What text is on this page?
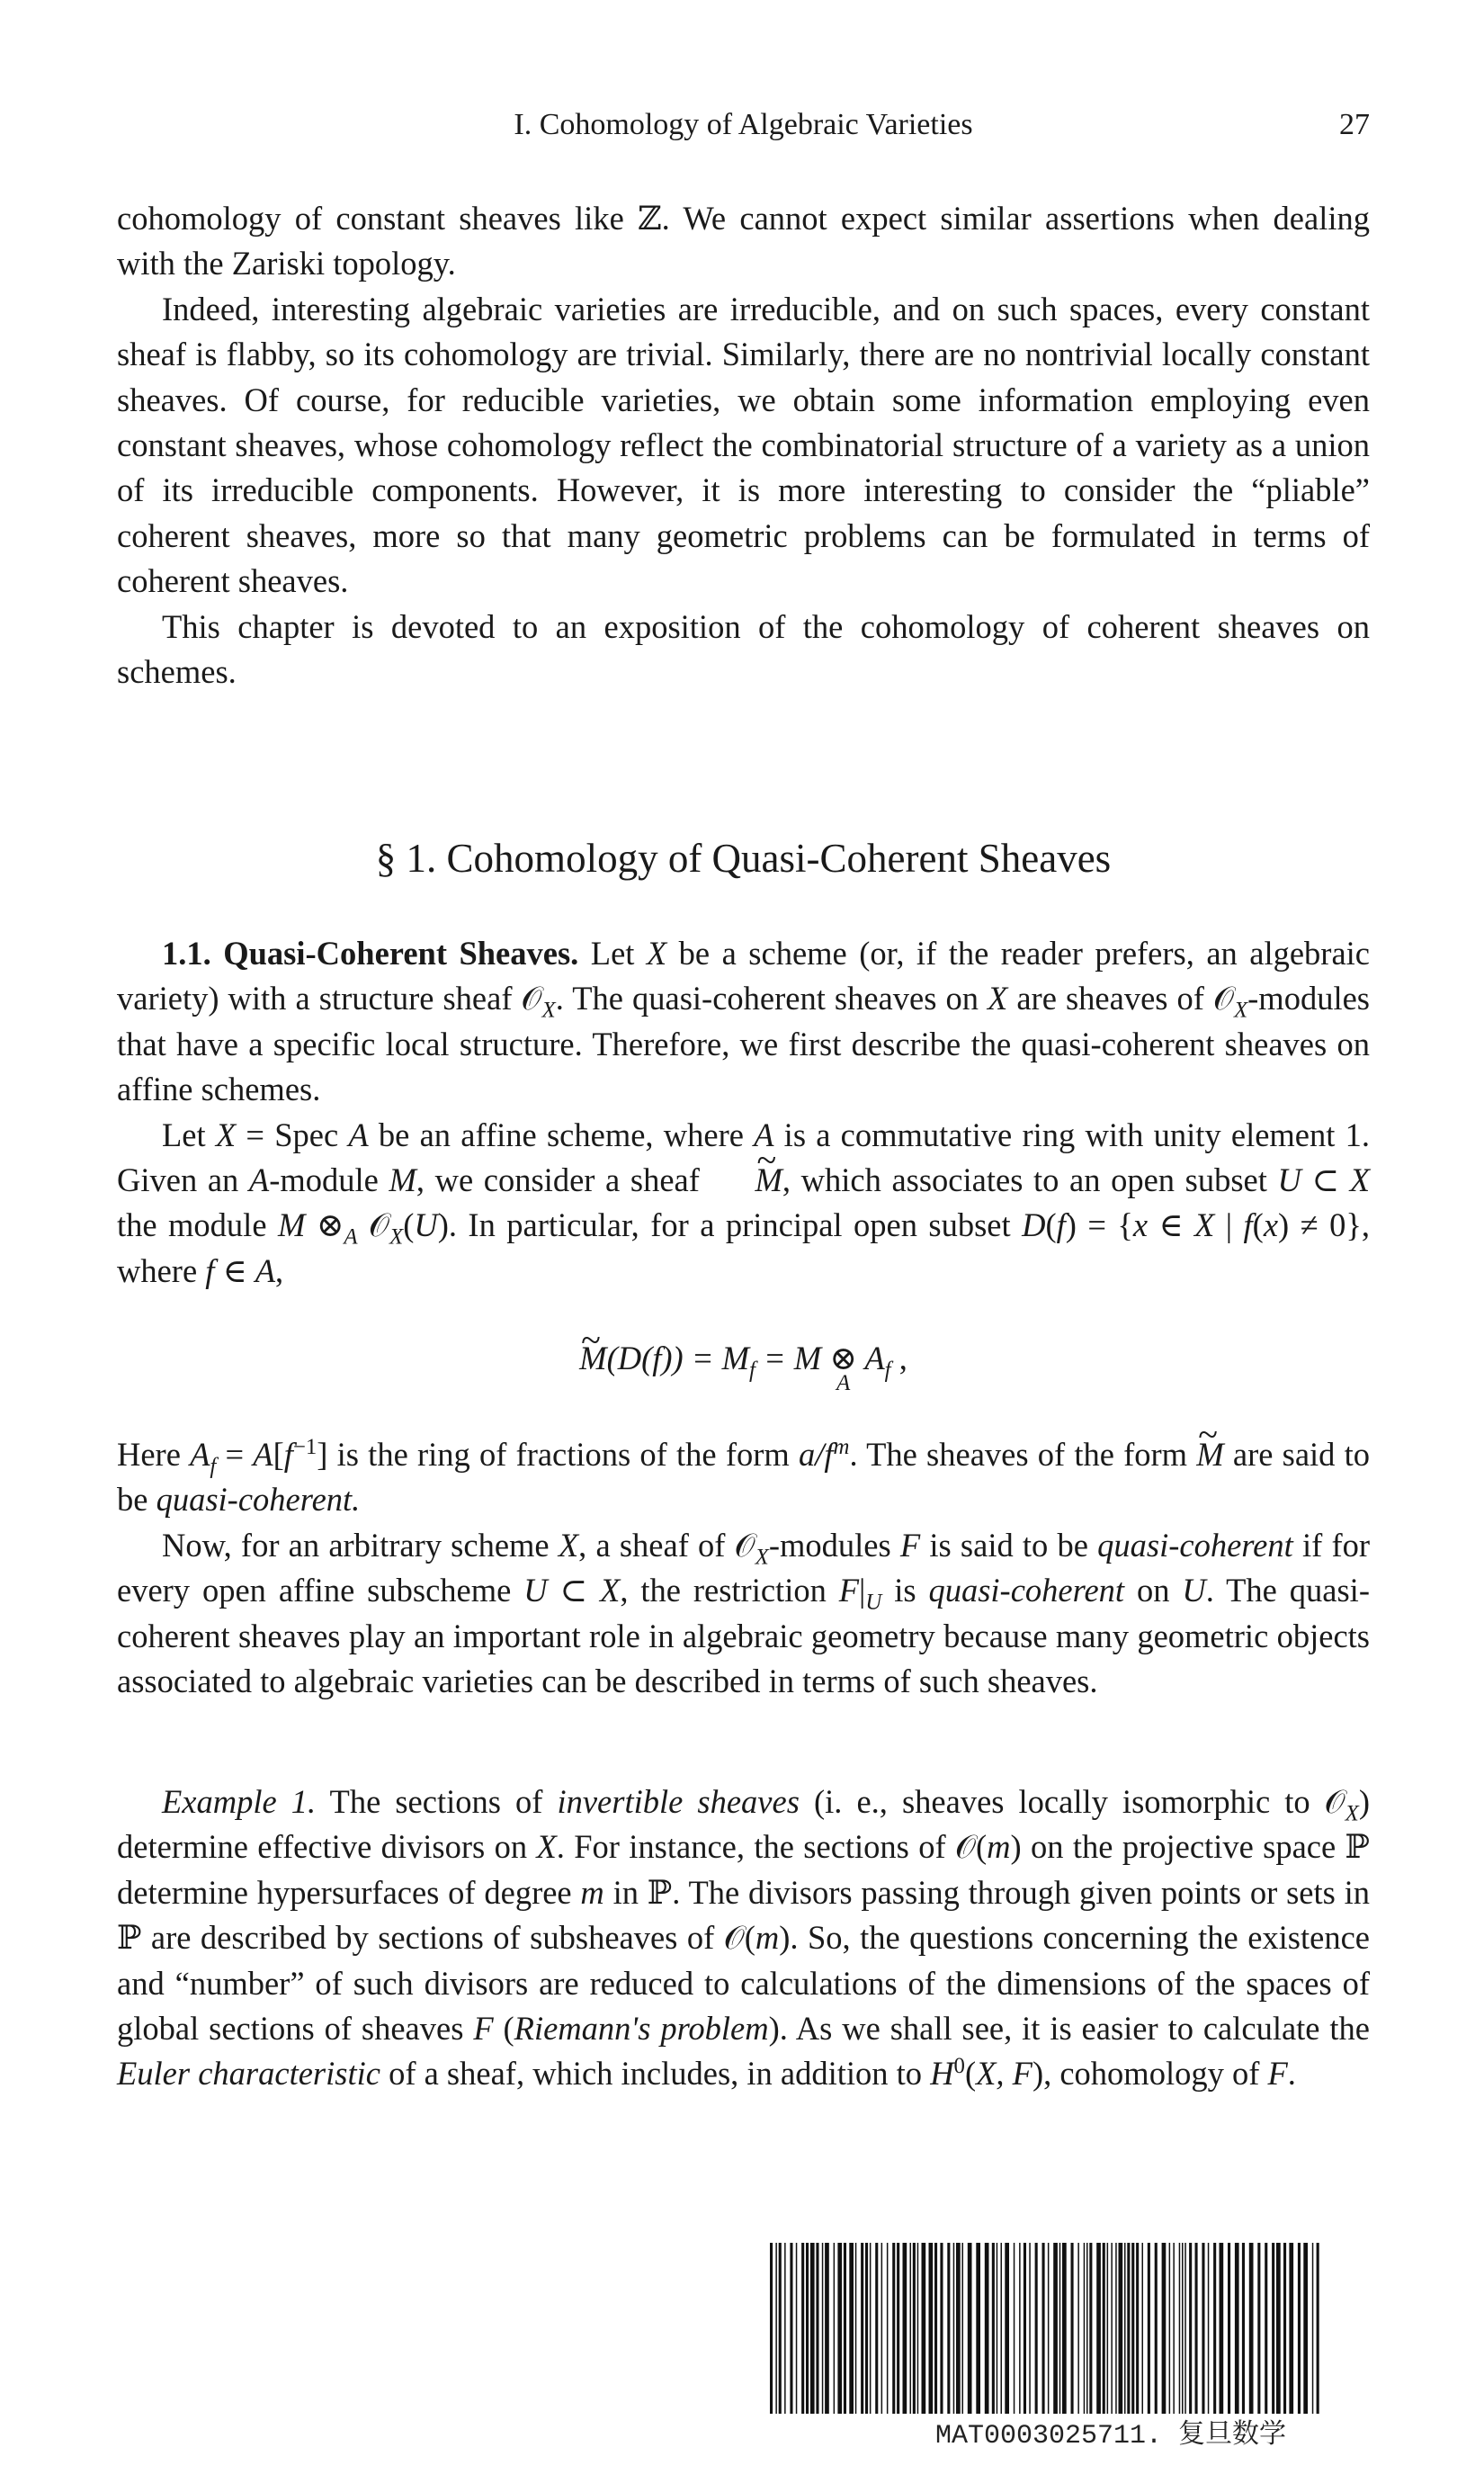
I. Cohomology of Algebraic Varieties	27

cohomology of constant sheaves like ℤ. We cannot expect similar assertions when dealing with the Zariski topology.

Indeed, interesting algebraic varieties are irreducible, and on such spaces, every constant sheaf is flabby, so its cohomology are trivial. Similarly, there are no nontrivial locally constant sheaves. Of course, for reducible varieties, we obtain some information employing even constant sheaves, whose cohomology reflect the combinatorial structure of a variety as a union of its irreducible components. However, it is more interesting to consider the “pliable” coherent sheaves, more so that many geometric problems can be formulated in terms of coherent sheaves.

This chapter is devoted to an exposition of the cohomology of coherent sheaves on schemes.

§ 1. Cohomology of Quasi-Coherent Sheaves

1.1. Quasi-Coherent Sheaves. Let X be a scheme (or, if the reader prefers, an algebraic variety) with a structure sheaf 𝒪$_X$. The quasi-coherent sheaves on X are sheaves of 𝒪$_X$-modules that have a specific local structure. Therefore, we first describe the quasi-coherent sheaves on affine schemes.

Let X = Spec A be an affine scheme, where A is a commutative ring with unity element 1. Given an A-module M, we consider a sheaf ~ M, which associates to an open subset U ⊂ X the module M $\otimes_A$ 𝒪$_X$(U). In particular, for a principal open subset D(f) = {x ∈ X | f(x) ≠ 0}, where f ∈ A,

~ $M(D(f)) = M_f = M$ ⊗
A
$A_f$ ,

Here $A_f = A[f^{-1}]$ is the ring of fractions of the form $a/f^m$. The sheaves of the form ~ M are said to be quasi-coherent.

Now, for an arbitrary scheme X, a sheaf of 𝒪$_X$-modules F is said to be quasi-coherent if for every open affine subscheme U ⊂ X, the restriction $F|_U$ is quasi-coherent on U. The quasi-coherent sheaves play an important role in algebraic geometry because many geometric objects associated to algebraic varieties can be described in terms of such sheaves.

Example 1. The sections of invertible sheaves (i. e., sheaves locally isomorphic to 𝒪$_X$) determine effective divisors on X. For instance, the sections of 𝒪(m) on the projective space ℙ determine hypersurfaces of degree m in ℙ. The divisors passing through given points or sets in ℙ are described by sections of subsheaves of 𝒪(m). So, the questions concerning the existence and “number” of such divisors are reduced to calculations of the dimensions of the spaces of global sections of sheaves F (Riemann's problem). As we shall see, it is easier to calculate the Euler characteristic of a sheaf, which includes, in addition to $H^0(X$, F), cohomology of F.

MAT0003025711. 复旦数学
